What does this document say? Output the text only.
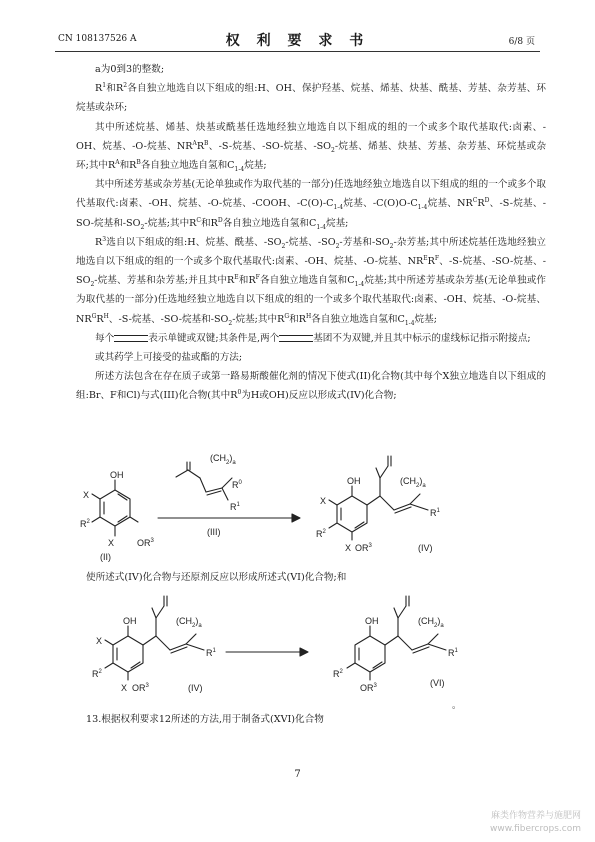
CN 108137526 A	权 利 要 求 书	6/8 页

a为0到3的整数;

$R^1$和$R^2$各自独立地选自以下组成的组:H、OH、保护羟基、烷基、烯基、炔基、酰基、芳基、杂芳基、环烷基或杂环;

其中所述烷基、烯基、炔基或酰基任选地经独立地选自以下组成的组的一个或多个取代基取代:卤素、-OH、烷基、-O-烷基、$NR^AR^B$、-S-烷基、-SO-烷基、$-SO_2-$烷基、烯基、炔基、芳基、杂芳基、环烷基或杂环;其中$R^A$和$R^B$各自独立地选自氢和$C_{1-4}$烷基;

其中所述芳基或杂芳基(无论单独或作为取代基的一部分)任选地经独立地选自以下组成的组的一个或多个取代基取代:卤素、-OH、烷基、-O-烷基、-COOH、$-C(O)-C_{1-4}$烷基、$-C(O)O-C_{1-4}$烷基、$NR^CR^D$、-S-烷基、-SO-烷基和$-SO_2-$烷基;其中$R^C$和$R^D$各自独立地选自氢和$C_{1-4}$烷基;

$R^3$选自以下组成的组:H、烷基、酰基、$-SO_2-$烷基、$-SO_2-$芳基和$-SO_2-$杂芳基;其中所述烷基任选地经独立地选自以下组成的组的一个或多个取代基取代:卤素、-OH、烷基、-O-烷基、$NR^ER^F$、-S-烷基、-SO-烷基、$-SO_2-$烷基、芳基和杂芳基;并且其中$R^E$和$R^F$各自独立地选自氢和$C_{1-4}$烷基;其中所述芳基或杂芳基(无论单独或作为取代基的一部分)任选地经独立地选自以下组成的组的一个或多个取代基取代:卤素、-OH、烷基、-O-烷基、$NR^GR^H$、-S-烷基、-SO-烷基和$-SO_2-$烷基;其中$R^G$和$R^H$各自独立地选自氢和$C_{1-4}$烷基;

每个	表示单键或双键;其条件是,两个	基团不为双键,并且其中标示的虚线标记指示附接点;

或其药学上可接受的盐或酯的方法;

所述方法包含在存在质子或第一路易斯酸催化剂的情况下使式(II)化合物(其中每个X独立地选自以下组成的组:Br、F和Cl)与式(III)化合物(其中$R^0$为H或OH)反应以形成式(IV)化合物;

OH
X
$R^2$
X	$OR^3$
(II)
$(CH_2)_a$
$R^0$
$R^1$
(III)
OH
X
$R^2$
X $OR^3$
$(CH_2)_a$
$R^1$
(IV)
OH
X
$R^2$
X $OR^3$
$(CH_2)_a$
$R^1$
(IV)
OH
$R^2$
$OR^3$
$(CH_2)_a$
$R^1$
(VI)
。
使所述式(IV)化合物与还原剂反应以形成所述式(VI)化合物;和
13.根据权利要求12所述的方法,用于制备式(XVI)化合物
7
麻类作物营养与施肥网
www.fibercrops.com
